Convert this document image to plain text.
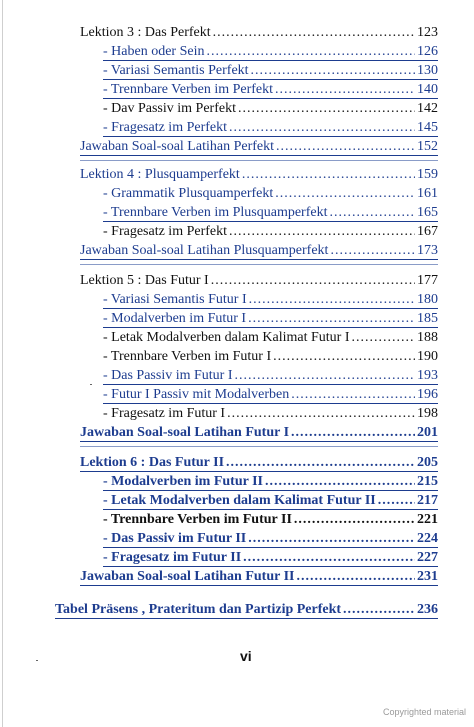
Lektion 3 : Das Perfekt .....	123
- Haben oder Sein .....	126
- Variasi Semantis Perfekt .....	130
- Trennbare Verben im Perfekt .....	140
- Dav Passiv im Perfekt .....	142
- Fragesatz im Perfekt .....	145
Jawaban Soal-soal Latihan Perfekt .....	152
Lektion 4 : Plusquamperfekt .....	159
- Grammatik Plusquamperfekt .....	161
- Trennbare Verben im Plusquamperfekt .....	165
- Fragesatz im Perfekt .....	167
Jawaban Soal-soal Latihan Plusquamperfekt .....	173
Lektion 5 : Das Futur I .....	177
- Variasi Semantis Futur I .....	180
- Modalverben im Futur I .....	185
- Letak Modalverben dalam Kalimat Futur I .....	188
- Trennbare Verben im Futur I .....	190
- Das Passiv im Futur I .....	193
- Futur I Passiv mit Modalverben .....	196
- Fragesatz im Futur I .....	198
Jawaban Soal-soal Latihan Futur I .....	201
Lektion 6 : Das Futur II .....	205
- Modalverben im Futur II .....	215
- Letak Modalverben dalam Kalimat Futur II .....	217
- Trennbare Verben im Futur II .....	221
- Das Passiv im Futur II .....	224
- Fragesatz im Futur II .....	227
Jawaban Soal-soal Latihan Futur II .....	231
Tabel Präsens , Prateritum dan Partizip Perfekt .....	236
vi
Copyrighted material
